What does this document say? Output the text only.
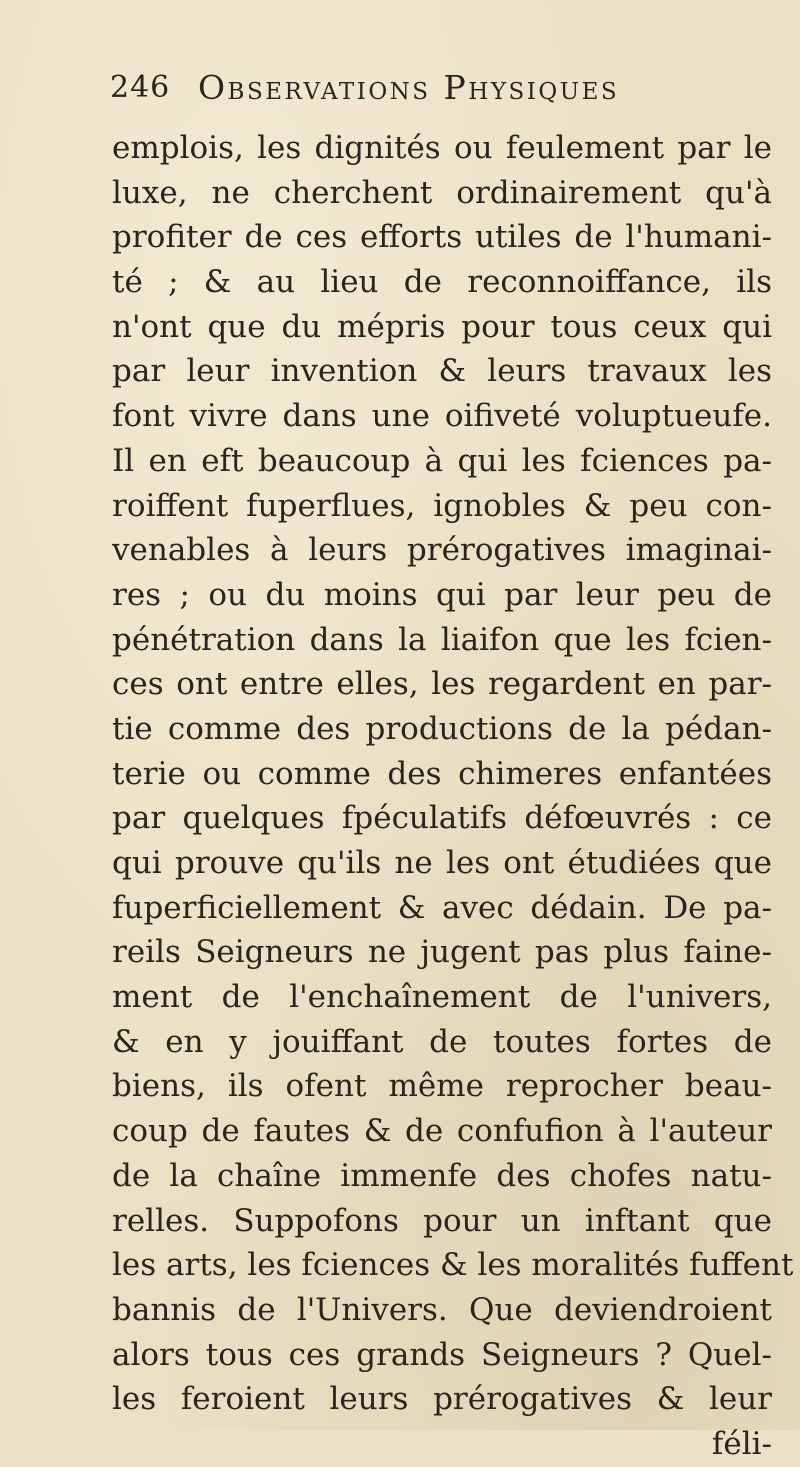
246 Observations Physiques
emplois, les dignités ou feulement par le
luxe, ne cherchent ordinairement qu'à
profiter de ces efforts utiles de l'humani-
té ; & au lieu de reconnoiffance, ils
n'ont que du mépris pour tous ceux qui
par leur invention & leurs travaux les
font vivre dans une oifiveté voluptueufe.
Il en eft beaucoup à qui les fciences pa-
roiffent fuperflues, ignobles & peu con-
venables à leurs prérogatives imaginai-
res ; ou du moins qui par leur peu de
pénétration dans la liaifon que les fcien-
ces ont entre elles, les regardent en par-
tie comme des productions de la pédan-
terie ou comme des chimeres enfantées
par quelques fpéculatifs défœuvrés : ce
qui prouve qu'ils ne les ont étudiées que
fuperficiellement & avec dédain. De pa-
reils Seigneurs ne jugent pas plus faine-
ment de l'enchaînement de l'univers,
& en y jouiffant de toutes fortes de
biens, ils ofent même reprocher beau-
coup de fautes & de confufion à l'auteur
de la chaîne immenfe des chofes natu-
relles. Suppofons pour un inftant que
les arts, les fciences & les moralités fuffent
bannis de l'Univers. Que deviendroient
alors tous ces grands Seigneurs ? Quel-
les feroient leurs prérogatives & leur
féli-
